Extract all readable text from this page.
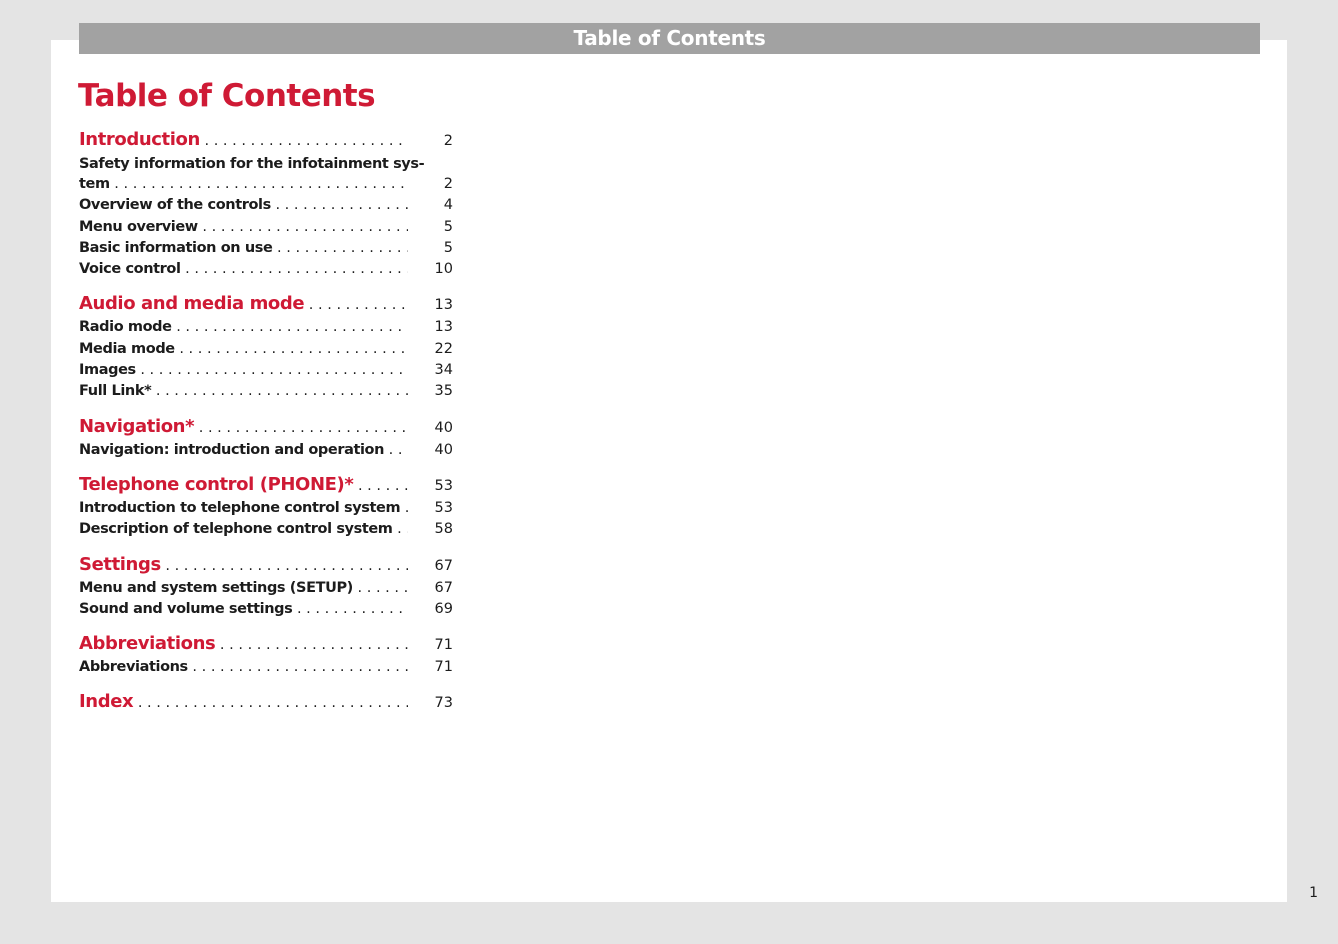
Table of Contents
Table of Contents
Introduction . . .	2
Safety information for the infotainment sys-
tem . . .	2
Overview of the controls . . .	4
Menu overview . . .	5
Basic information on use . . .	5
Voice control . . .	10
Audio and media mode . . .	13
Radio mode . . .	13
Media mode . . .	22
Images . . .	34
Full Link* . . .	35
Navigation* . . .	40
Navigation: introduction and operation . . .	40
Telephone control (PHONE)* . . .	53
Introduction to telephone control system . . .	53
Description of telephone control system . . .	58
Settings . . .	67
Menu and system settings (SETUP) . . .	67
Sound and volume settings . . .	69
Abbreviations . . .	71
Abbreviations . . .	71
Index . . .	73
1
